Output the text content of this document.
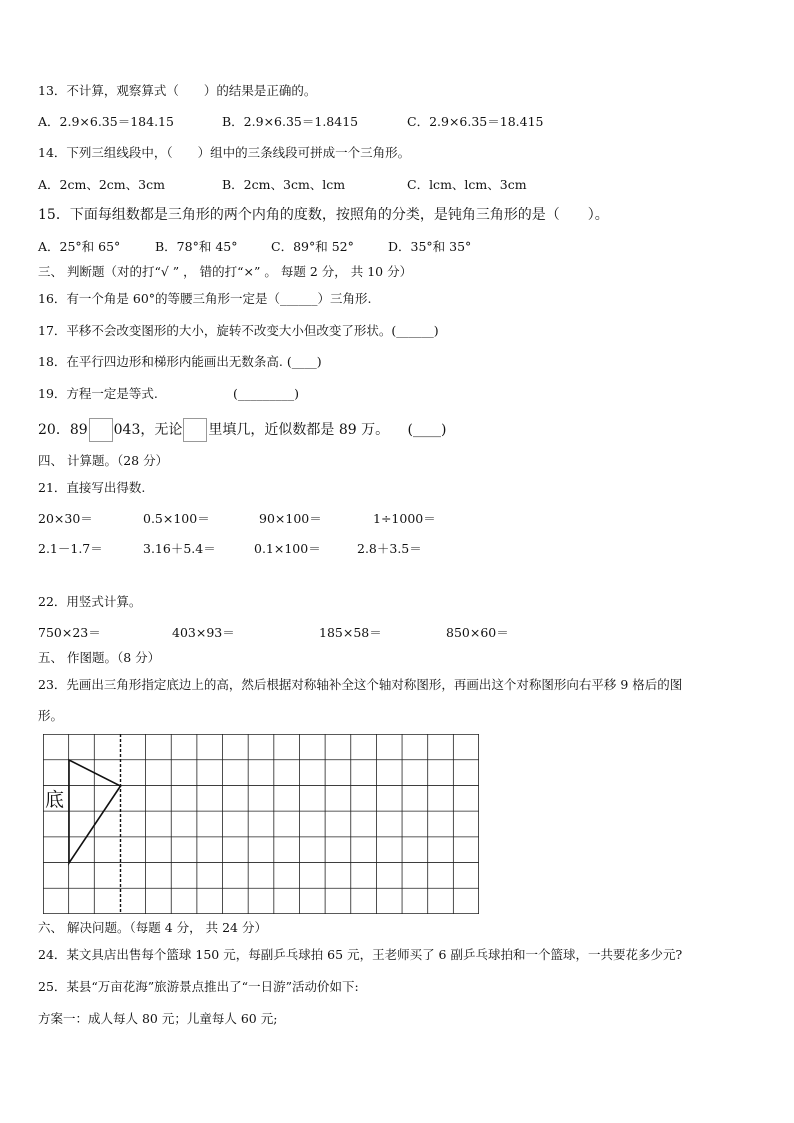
13．不计算，观察算式（　　）的结果是正确的。
A．2.9×6.35＝184.15	B．2.9×6.35＝1.8415	C．2.9×6.35＝18.415
14．下列三组线段中，（　　）组中的三条线段可拼成一个三角形。
A．2cm、2cm、3cm	B．2cm、3cm、lcm	C．lcm、lcm、3cm
15．下面每组数都是三角形的两个内角的度数，按照角的分类，是钝角三角形的是（　　）。
A．25°和 65°	B．78°和 45°	C．89°和 52°	D．35°和 35°
三、 判断题（对的打“√ ” ， 错的打“×” 。 每题 2 分， 共 10 分）
16．有一个角是 60°的等腰三角形一定是（______）三角形.
17．平移不会改变图形的大小，旋转不改变大小但改变了形状。(______)
18．在平行四边形和梯形内能画出无数条高. (____)
19．方程一定是等式.	(_________)
20．89 043，无论 里填几，近似数都是 89 万。 (____)
四、 计算题。（28 分）
21．直接写出得数.
20×30＝	0.5×100＝	90×100＝	1÷1000＝
2.1－1.7＝	3.16＋5.4＝	0.1×100＝	2.8＋3.5＝
22．用竖式计算。
750×23＝	403×93＝	185×58＝	850×60＝
五、 作图题。（8 分）
23．先画出三角形指定底边上的高，然后根据对称轴补全这个轴对称图形，再画出这个对称图形向右平移 9 格后的图
形。
底
六、 解决问题。（每题 4 分， 共 24 分）
24．某文具店出售每个篮球 150 元，每副乒乓球拍 65 元，王老师买了 6 副乒乓球拍和一个篮球，一共要花多少元?
25．某县“万亩花海”旅游景点推出了“一日游”活动价如下:
方案一：成人每人 80 元；儿童每人 60 元;
